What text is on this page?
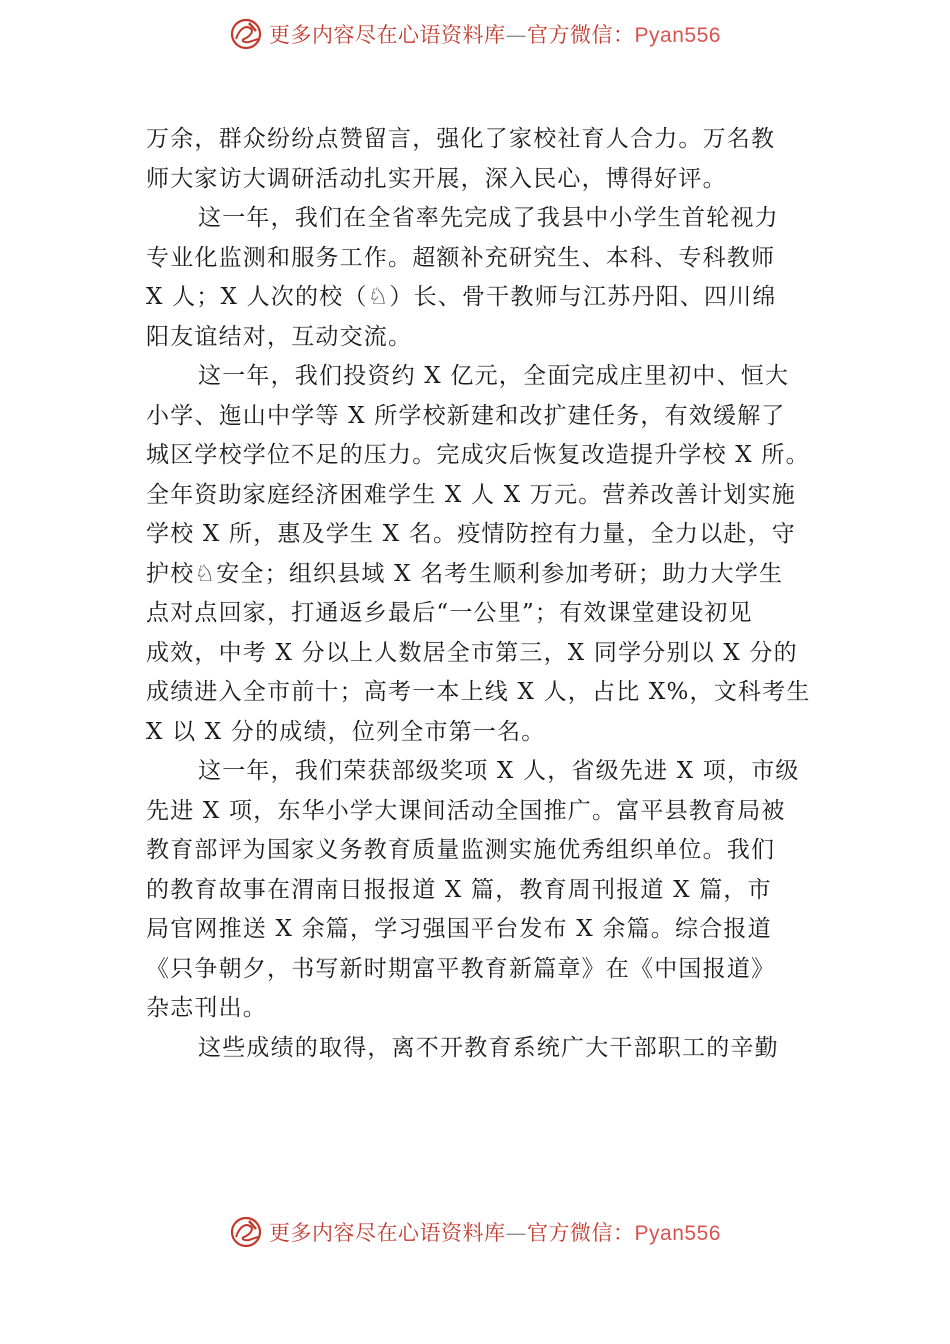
更多内容尽在心语资料库—官方微信：Pyan556
万余，群众纷纷点赞留言，强化了家校社育人合力。万名教
师大家访大调研活动扎实开展，深入民心，博得好评。
这一年，我们在全省率先完成了我县中小学生首轮视力
专业化监测和服务工作。超额补充研究生、本科、专科教师
X 人；X 人次的校（♘）长、骨干教师与江苏丹阳、四川绵
阳友谊结对，互动交流。
这一年，我们投资约 X 亿元，全面完成庄里初中、恒大
小学、迤山中学等 X 所学校新建和改扩建任务，有效缓解了
城区学校学位不足的压力。完成灾后恢复改造提升学校 X 所。
全年资助家庭经济困难学生 X 人 X 万元。营养改善计划实施
学校 X 所，惠及学生 X 名。疫情防控有力量，全力以赴，守
护校♘安全；组织县域 X 名考生顺利参加考研；助力大学生
点对点回家，打通返乡最后“一公里”；有效课堂建设初见
成效，中考 X 分以上人数居全市第三，X 同学分别以 X 分的
成绩进入全市前十；高考一本上线 X 人，占比 X%，文科考生
X 以 X 分的成绩，位列全市第一名。
这一年，我们荣获部级奖项 X 人，省级先进 X 项，市级
先进 X 项，东华小学大课间活动全国推广。富平县教育局被
教育部评为国家义务教育质量监测实施优秀组织单位。我们
的教育故事在渭南日报报道 X 篇，教育周刊报道 X 篇，市
局官网推送 X 余篇，学习强国平台发布 X 余篇。综合报道
《只争朝夕，书写新时期富平教育新篇章》在《中国报道》
杂志刊出。
这些成绩的取得，离不开教育系统广大干部职工的辛勤
更多内容尽在心语资料库—官方微信：Pyan556
